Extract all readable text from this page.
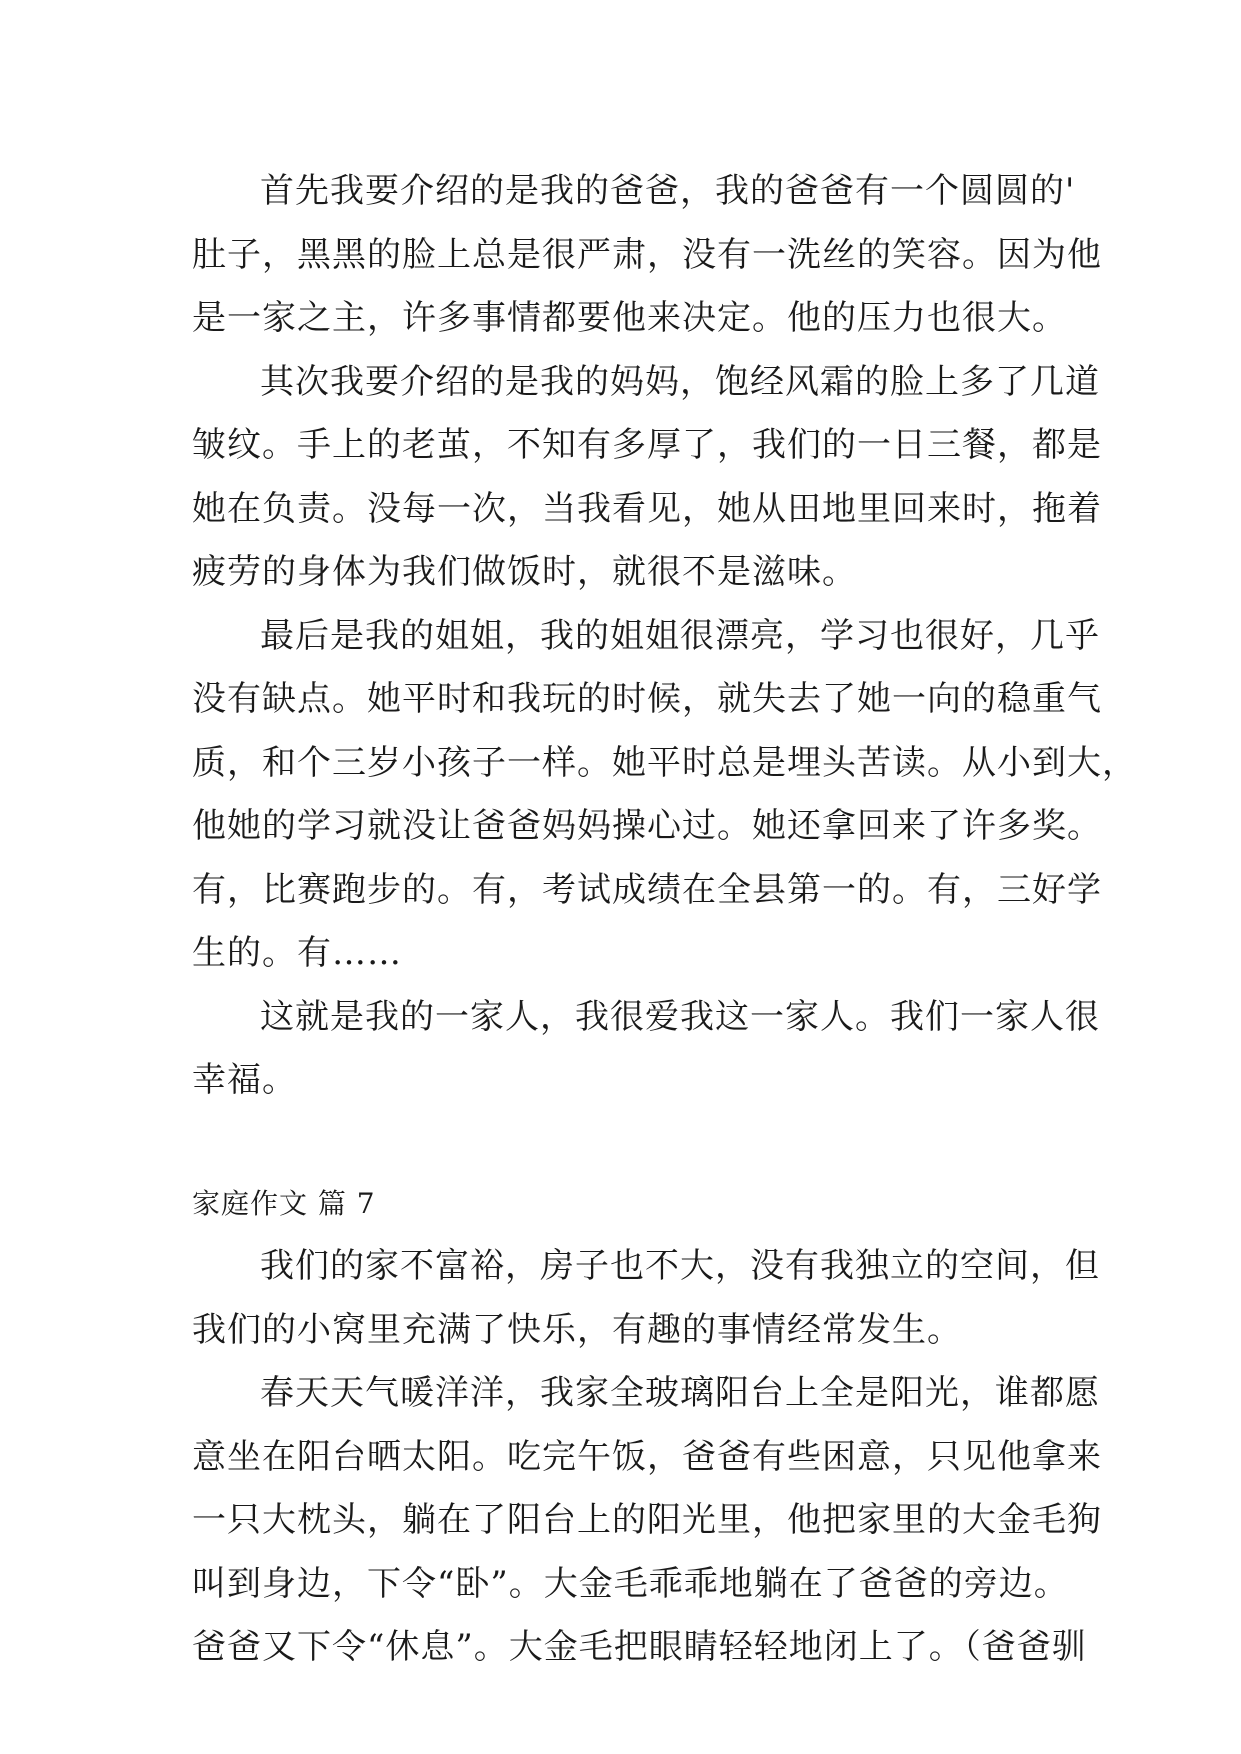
首先我要介绍的是我的爸爸，我的爸爸有一个圆圆的'
肚子，黑黑的脸上总是很严肃，没有一洗丝的笑容。因为他
是一家之主，许多事情都要他来决定。他的压力也很大。
其次我要介绍的是我的妈妈，饱经风霜的脸上多了几道
皱纹。手上的老茧，不知有多厚了，我们的一日三餐，都是
她在负责。没每一次，当我看见，她从田地里回来时，拖着
疲劳的身体为我们做饭时，就很不是滋味。
最后是我的姐姐，我的姐姐很漂亮，学习也很好，几乎
没有缺点。她平时和我玩的时候，就失去了她一向的稳重气
质，和个三岁小孩子一样。她平时总是埋头苦读。从小到大，
他她的学习就没让爸爸妈妈操心过。她还拿回来了许多奖。
有，比赛跑步的。有，考试成绩在全县第一的。有，三好学
生的。有……
这就是我的一家人，我很爱我这一家人。我们一家人很
幸福。
家庭作文 篇 7
我们的家不富裕，房子也不大，没有我独立的空间，但
我们的小窝里充满了快乐，有趣的事情经常发生。
春天天气暖洋洋，我家全玻璃阳台上全是阳光，谁都愿
意坐在阳台晒太阳。吃完午饭，爸爸有些困意，只见他拿来
一只大枕头，躺在了阳台上的阳光里，他把家里的大金毛狗
叫到身边，下令“卧”。大金毛乖乖地躺在了爸爸的旁边。
爸爸又下令“休息”。大金毛把眼睛轻轻地闭上了。（爸爸驯
